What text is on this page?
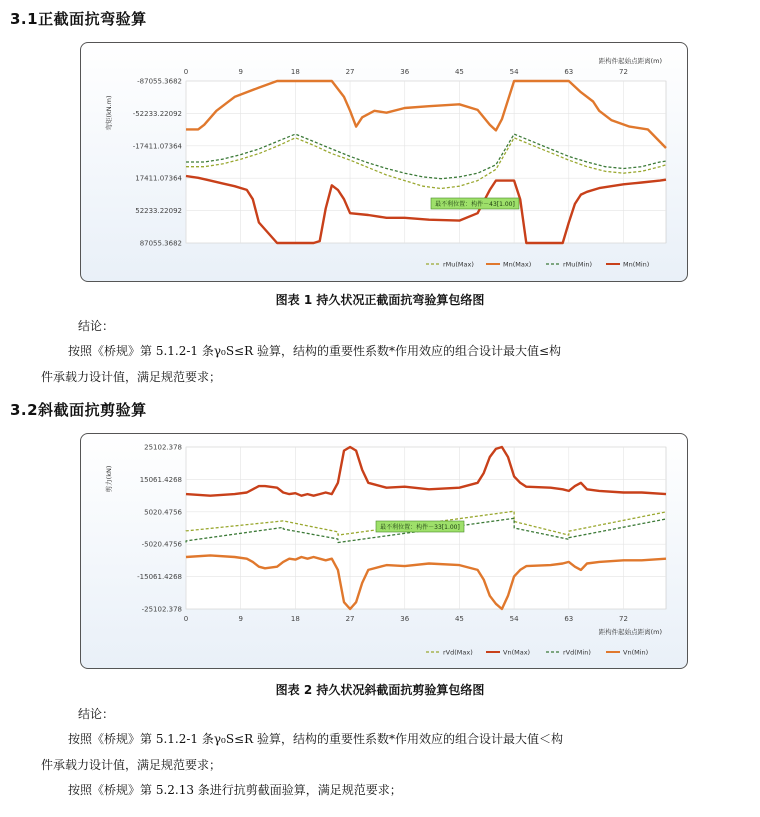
3.1正截面抗弯验算
-87055.3682
-52233.22092
-17411.07364
17411.07364
52233.22092
87055.3682
0	9	18	27	36	45	54	63	72
距构件起始点距离(m)
弯矩(kN.m)
最不利位置：构件－43[1.00]
rMu(Max)	Mn(Max)	rMu(Min)	Mn(Min)
图表 1 持久状况正截面抗弯验算包络图
结论：
按照《桥规》第 5.1.2-1 条γ₀S≤R 验算，结构的重要性系数*作用效应的组合设计最大值≤构
件承载力设计值，满足规范要求；
3.2斜截面抗剪验算
25102.378
15061.4268
5020.4756
-5020.4756
-15061.4268
-25102.378
0	9	18	27	36	45	54	63	72
距构件起始点距离(m)
剪力(kN)
最不利位置：构件－33[1.00]
rVd(Max)	Vn(Max)	rVd(Min)	Vn(Min)
图表 2 持久状况斜截面抗剪验算包络图
结论：
按照《桥规》第 5.1.2-1 条γ₀S≤R 验算，结构的重要性系数*作用效应的组合设计最大值＜构
件承载力设计值，满足规范要求；
按照《桥规》第 5.2.13 条进行抗剪截面验算，满足规范要求；
